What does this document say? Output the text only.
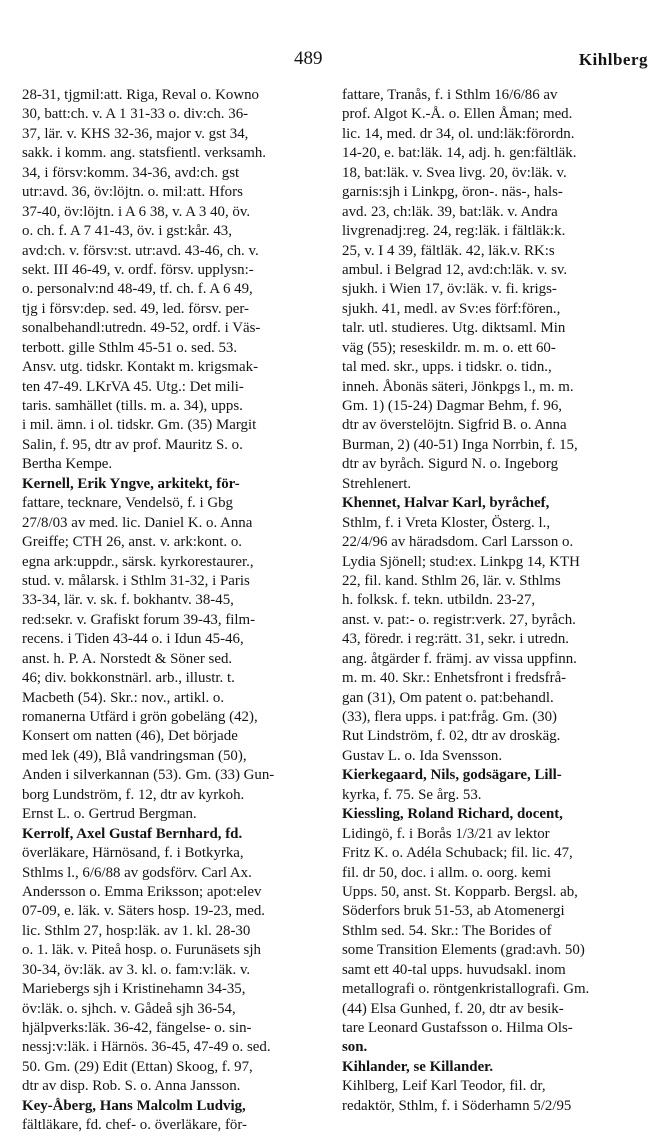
489	Kihlberg
28-31, tjgmil:att. Riga, Reval o. Kowno
30, batt:ch. v. A 1 31-33 o. div:ch. 36-
37, lär. v. KHS 32-36, major v. gst 34,
sakk. i komm. ang. statsfientl. verksamh.
34, i försv:komm. 34-36, avd:ch. gst
utr:avd. 36, öv:löjtn. o. mil:att. Hfors
37-40, öv:löjtn. i A 6 38, v. A 3 40, öv.
o. ch. f. A 7 41-43, öv. i gst:kår. 43,
avd:ch. v. försv:st. utr:avd. 43-46, ch. v.
sekt. III 46-49, v. ordf. försv. upplysn:-
o. personalv:nd 48-49, tf. ch. f. A 6 49,
tjg i försv:dep. sed. 49, led. försv. per-
sonalbehandl:utredn. 49-52, ordf. i Väs-
terbott. gille Sthlm 45-51 o. sed. 53.
Ansv. utg. tidskr. Kontakt m. krigsmak-
ten 47-49. LKrVA 45. Utg.: Det mili-
taris. samhället (tills. m. a. 34), upps.
i mil. ämn. i ol. tidskr. Gm. (35) Margit
Salin, f. 95, dtr av prof. Mauritz S. o.
Bertha Kempe.
Kernell, Erik Yngve, arkitekt, för-
fattare, tecknare, Vendelsö, f. i Gbg
27/8/03 av med. lic. Daniel K. o. Anna
Greiffe; CTH 26, anst. v. ark:kont. o.
egna ark:uppdr., särsk. kyrkorestaurer.,
stud. v. målarsk. i Sthlm 31-32, i Paris
33-34, lär. v. sk. f. bokhantv. 38-45,
red:sekr. v. Grafiskt forum 39-43, film-
recens. i Tiden 43-44 o. i Idun 45-46,
anst. h. P. A. Norstedt & Söner sed.
46; div. bokkonstnärl. arb., illustr. t.
Macbeth (54). Skr.: nov., artikl. o.
romanerna Utfärd i grön gobeläng (42),
Konsert om natten (46), Det började
med lek (49), Blå vandringsman (50),
Anden i silverkannan (53). Gm. (33) Gun-
borg Lundström, f. 12, dtr av kyrkoh.
Ernst L. o. Gertrud Bergman.
Kerrolf, Axel Gustaf Bernhard, fd.
överläkare, Härnösand, f. i Botkyrka,
Sthlms l., 6/6/88 av godsförv. Carl Ax.
Andersson o. Emma Eriksson; apot:elev
07-09, e. läk. v. Säters hosp. 19-23, med.
lic. Sthlm 27, hosp:läk. av 1. kl. 28-30
o. 1. läk. v. Piteå hosp. o. Furunäsets sjh
30-34, öv:läk. av 3. kl. o. fam:v:läk. v.
Mariebergs sjh i Kristinehamn 34-35,
öv:läk. o. sjhch. v. Gådeå sjh 36-54,
hjälpverks:läk. 36-42, fängelse- o. sin-
nessj:v:läk. i Härnös. 36-45, 47-49 o. sed.
50. Gm. (29) Edit (Ettan) Skoog, f. 97,
dtr av disp. Rob. S. o. Anna Jansson.
Key-Åberg, Hans Malcolm Ludvig,
fältläkare, fd. chef- o. överläkare, för-
fattare, Tranås, f. i Sthlm 16/6/86 av
prof. Algot K.-Å. o. Ellen Åman; med.
lic. 14, med. dr 34, ol. und:läk:förordn.
14-20, e. bat:läk. 14, adj. h. gen:fältläk.
18, bat:läk. v. Svea livg. 20, öv:läk. v.
garnis:sjh i Linkpg, öron-. näs-, hals-
avd. 23, ch:läk. 39, bat:läk. v. Andra
livgrenadj:reg. 24, reg:läk. i fältläk:k.
25, v. I 4 39, fältläk. 42, läk.v. RK:s
ambul. i Belgrad 12, avd:ch:läk. v. sv.
sjukh. i Wien 17, öv:läk. v. fi. krigs-
sjukh. 41, medl. av Sv:es förf:fören.,
talr. utl. studieres. Utg. diktsaml. Min
väg (55); reseskildr. m. m. o. ett 60-
tal med. skr., upps. i tidskr. o. tidn.,
inneh. Åbonäs säteri, Jönkpgs l., m. m.
Gm. 1) (15-24) Dagmar Behm, f. 96,
dtr av överstelöjtn. Sigfrid B. o. Anna
Burman, 2) (40-51) Inga Norrbin, f. 15,
dtr av byråch. Sigurd N. o. Ingeborg
Strehlenert.
Khennet, Halvar Karl, byråchef,
Sthlm, f. i Vreta Kloster, Österg. l.,
22/4/96 av häradsdom. Carl Larsson o.
Lydia Sjönell; stud:ex. Linkpg 14, KTH
22, fil. kand. Sthlm 26, lär. v. Sthlms
h. folksk. f. tekn. utbildn. 23-27,
anst. v. pat:- o. registr:verk. 27, byråch.
43, föredr. i reg:rätt. 31, sekr. i utredn.
ang. åtgärder f. främj. av vissa uppfinn.
m. m. 40. Skr.: Enhetsfront i fredsfrå-
gan (31), Om patent o. pat:behandl.
(33), flera upps. i pat:fråg. Gm. (30)
Rut Lindström, f. 02, dtr av droskäg.
Gustav L. o. Ida Svensson.
Kierkegaard, Nils, godsägare, Lill-
kyrka, f. 75. Se årg. 53.
Kiessling, Roland Richard, docent,
Lidingö, f. i Borås 1/3/21 av lektor
Fritz K. o. Adéla Schuback; fil. lic. 47,
fil. dr 50, doc. i allm. o. oorg. kemi
Upps. 50, anst. St. Kopparb. Bergsl. ab,
Söderfors bruk 51-53, ab Atomenergi
Sthlm sed. 54. Skr.: The Borides of
some Transition Elements (grad:avh. 50)
samt ett 40-tal upps. huvudsakl. inom
metallografi o. röntgenkristallografi. Gm.
(44) Elsa Gunhed, f. 20, dtr av besik-
tare Leonard Gustafsson o. Hilma Ols-
son.
Kihlander, se Killander.
Kihlberg, Leif Karl Teodor, fil. dr,
redaktör, Sthlm, f. i Söderhamn 5/2/95
